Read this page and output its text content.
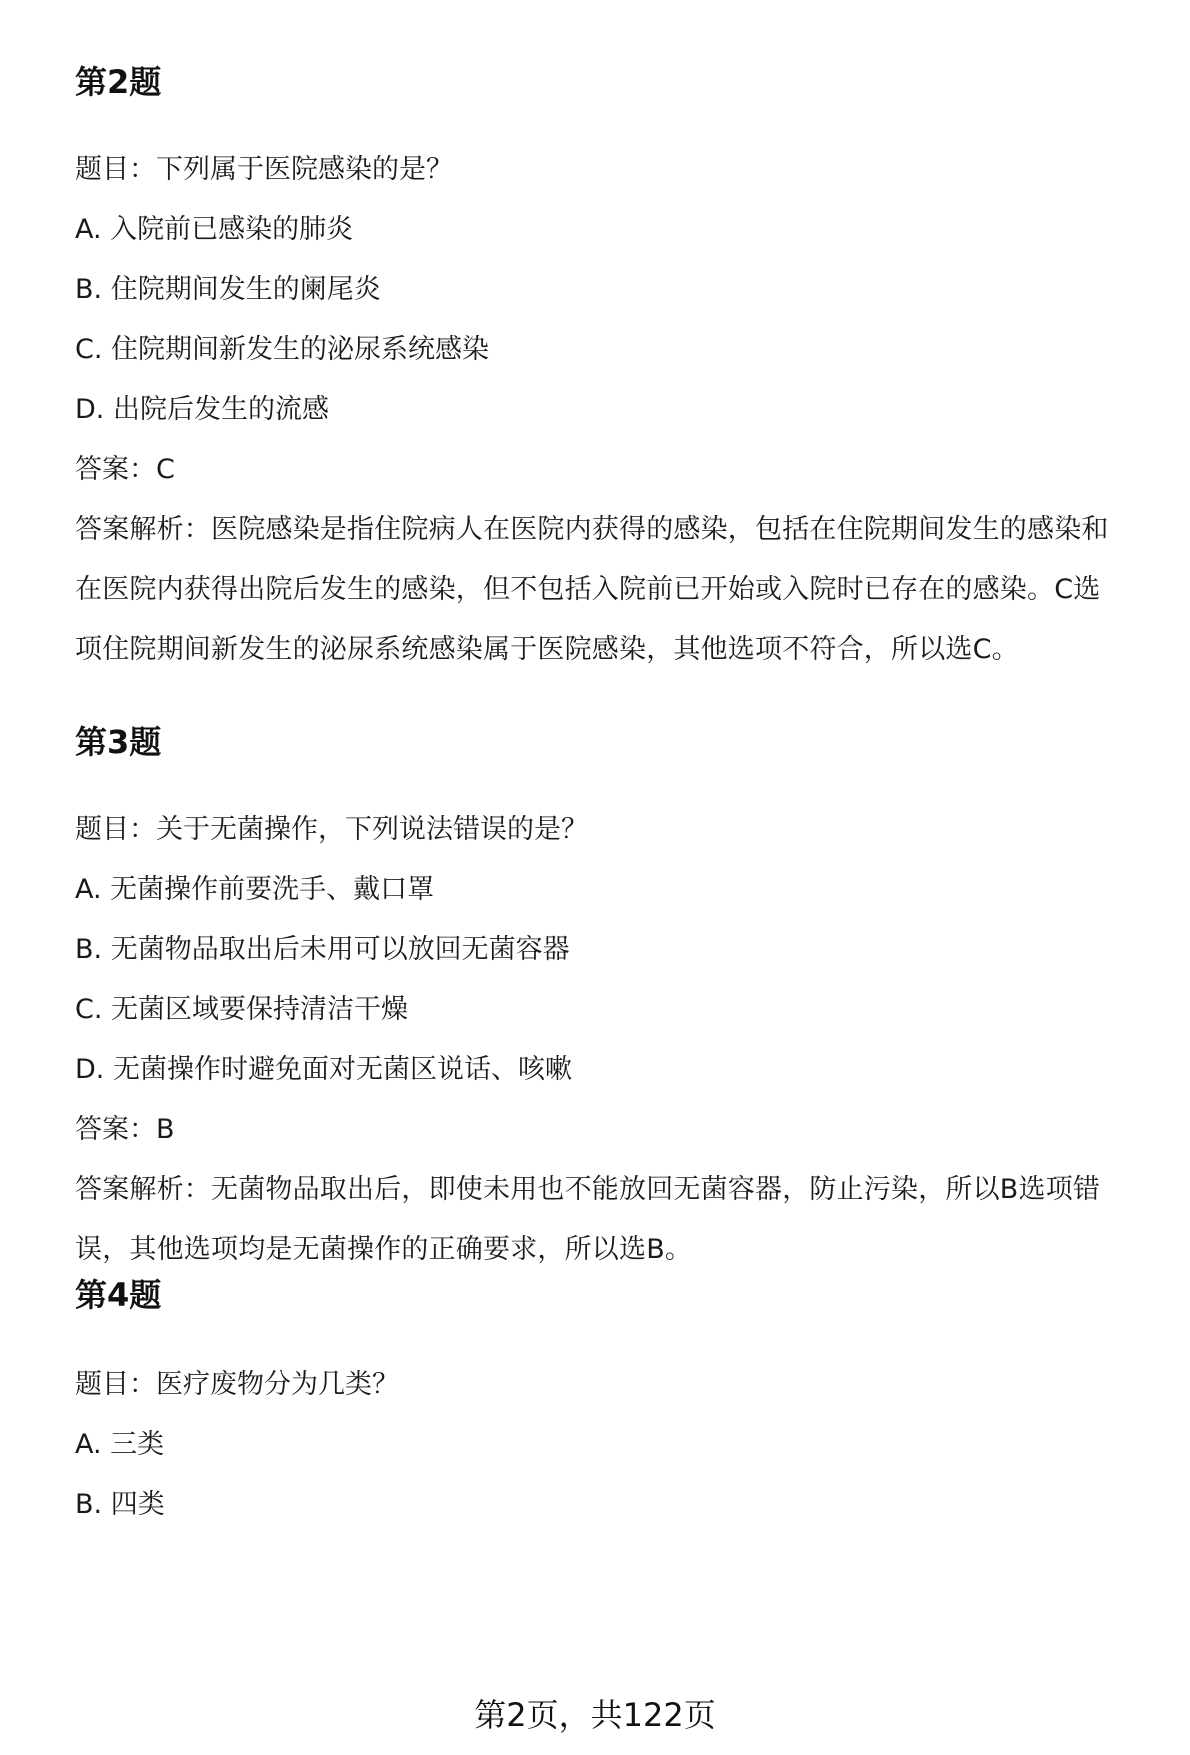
第2题
题目：下列属于医院感染的是？
A. 入院前已感染的肺炎
B. 住院期间发生的阑尾炎
C. 住院期间新发生的泌尿系统感染
D. 出院后发生的流感
答案：C
答案解析：医院感染是指住院病人在医院内获得的感染，包括在住院期间发生的感染和在医院内获得出院后发生的感染，但不包括入院前已开始或入院时已存在的感染。C选项住院期间新发生的泌尿系统感染属于医院感染，其他选项不符合，所以选C。
第3题
题目：关于无菌操作，下列说法错误的是？
A. 无菌操作前要洗手、戴口罩
B. 无菌物品取出后未用可以放回无菌容器
C. 无菌区域要保持清洁干燥
D. 无菌操作时避免面对无菌区说话、咳嗽
答案：B
答案解析：无菌物品取出后，即使未用也不能放回无菌容器，防止污染，所以B选项错误，其他选项均是无菌操作的正确要求，所以选B。
第4题
题目：医疗废物分为几类？
A. 三类
B. 四类
第2页，共122页
